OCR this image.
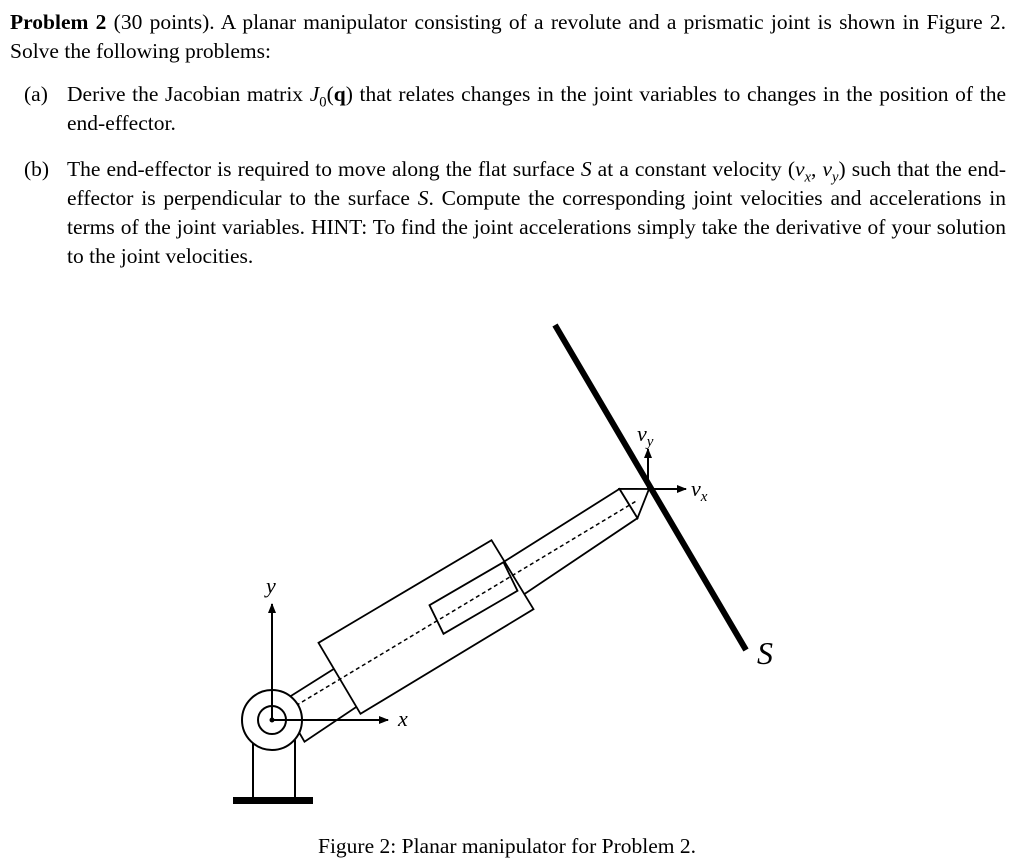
Problem 2 (30 points). A planar manipulator consisting of a revolute and a prismatic joint is shown in Figure 2. Solve the following problems:

(a) Derive the Jacobian matrix $J_0(q)$ that relates changes in the joint variables to changes in the position of the end-effector.
(b) The end-effector is required to move along the flat surface S at a constant velocity ($v_x$, $v_y$) such that the end-effector is perpendicular to the surface S. Compute the corresponding joint velocities and accelerations in terms of the joint variables. HINT: To find the joint accelerations simply take the derivative of your solution to the joint velocities.
y
x
$v_y$
$v_x$
S
Figure 2: Planar manipulator for Problem 2.
